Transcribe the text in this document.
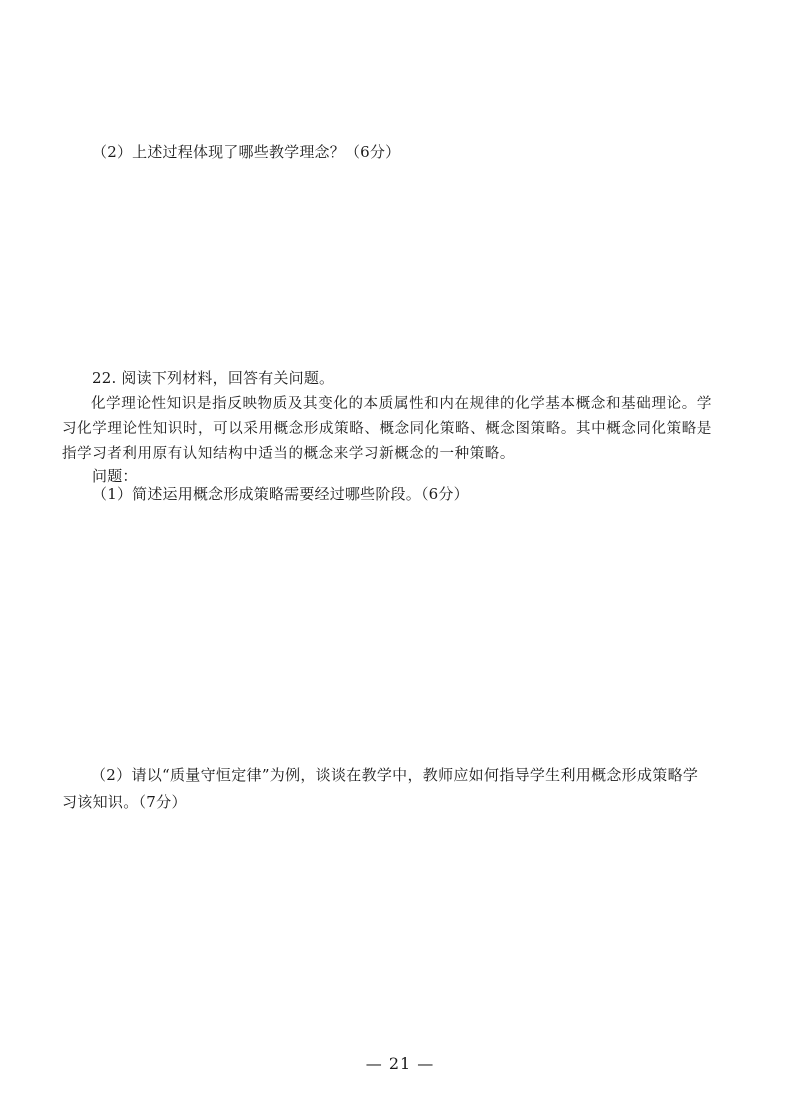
（2）上述过程体现了哪些教学理念？（6分）
22. 阅读下列材料，回答有关问题。
化学理论性知识是指反映物质及其变化的本质属性和内在规律的化学基本概念和基础理论。学习化学理论性知识时，可以采用概念形成策略、概念同化策略、概念图策略。其中概念同化策略是指学习者利用原有认知结构中适当的概念来学习新概念的一种策略。
问题：
（1）简述运用概念形成策略需要经过哪些阶段。（6分）
（2）请以“质量守恒定律”为例，谈谈在教学中，教师应如何指导学生利用概念形成策略学习该知识。（7分）
— 21 —
